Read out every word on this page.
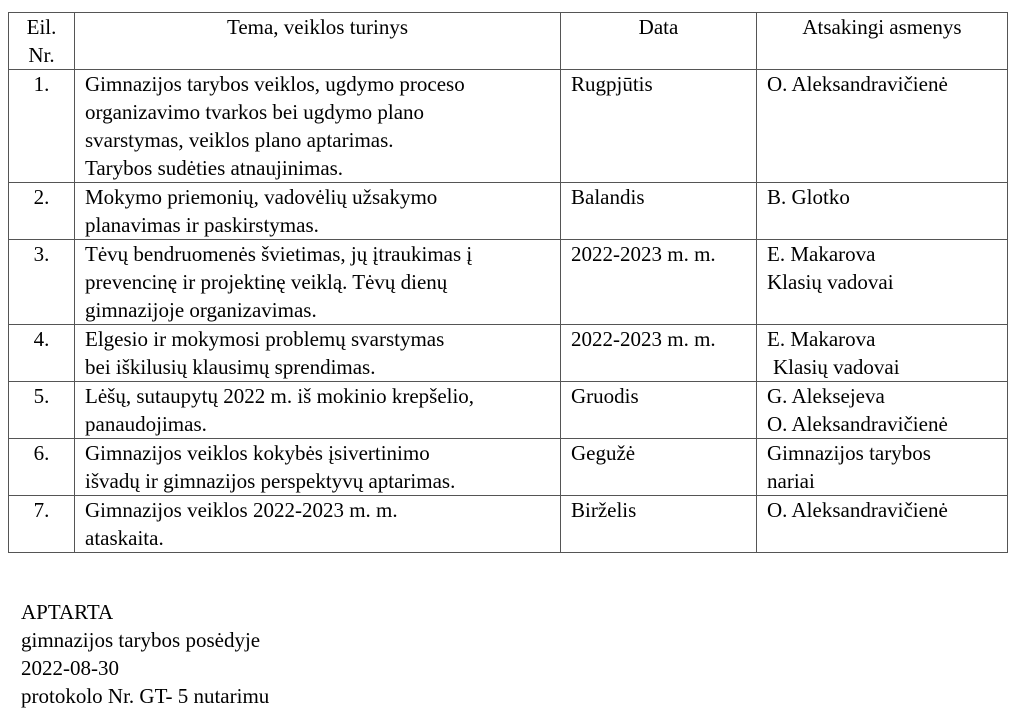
Eil.
Nr.	Tema, veiklos turinys	Data	Atsakingi asmenys
1.	Gimnazijos tarybos veiklos, ugdymo proceso
organizavimo tvarkos bei ugdymo plano
svarstymas, veiklos plano aptarimas.
Tarybos sudėties atnaujinimas.	Rugpjūtis	O. Aleksandravičienė

2.	Mokymo priemonių, vadovėlių užsakymo
planavimas ir paskirstymas.	Balandis	B. Glotko

3.	Tėvų bendruomenės švietimas, jų įtraukimas į
prevencinę ir projektinę veiklą. Tėvų dienų
gimnazijoje organizavimas.	2022-2023 m. m.	E. Makarova
Klasių vadovai

4.	Elgesio ir mokymosi problemų svarstymas
bei iškilusių klausimų sprendimas.	2022-2023 m. m.	E. Makarova
Klasių vadovai

5.	Lėšų, sutaupytų 2022 m. iš mokinio krepšelio,
panaudojimas.	Gruodis	G. Aleksejeva
O. Aleksandravičienė

6.	Gimnazijos veiklos kokybės įsivertinimo
išvadų ir gimnazijos perspektyvų aptarimas.	Gegužė	Gimnazijos tarybos
nariai

7.	Gimnazijos veiklos 2022-2023 m. m.
ataskaita.	Birželis	O. Aleksandravičienė
APTARTA
gimnazijos tarybos posėdyje
2022-08-30
protokolo Nr. GT- 5 nutarimu
